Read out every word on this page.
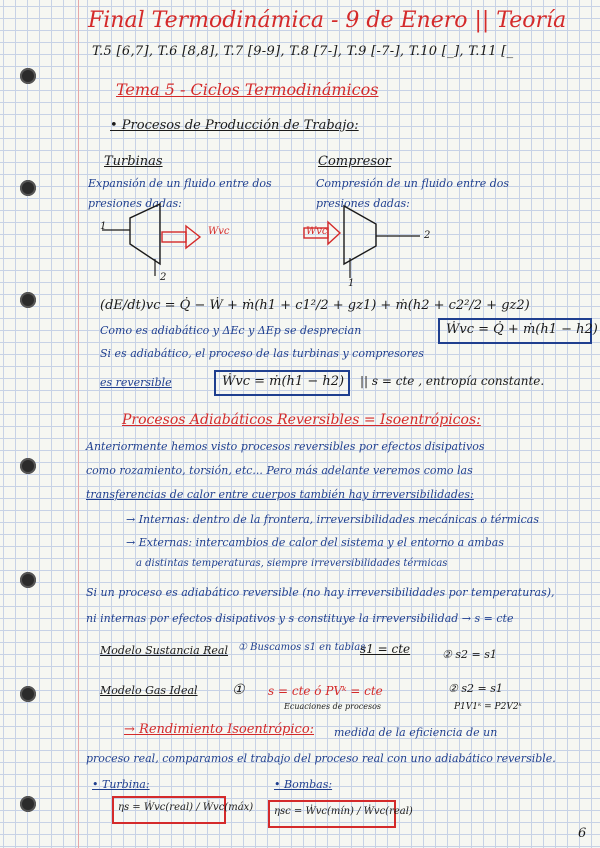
Final Termodinámica - 9 de Enero || Teoría
T.5 [6,7], T.6 [8,8], T.7 [9-9], T.8 [7-], T.9 [-7-], T.10 [_], T.11 [_
Tema 5 - Ciclos Termodinámicos
• Procesos de Producción de Trabajo:
Turbinas
Expansión de un fluido entre dos
presiones dadas:
1
2
Wvc
Compresor
Compresión de un fluido entre dos
presiones dadas:
Wvc	2
1
(dE/dt)vc = Q̇ − Ẇ + ṁ(h1 + c1²/2 + gz1) + ṁ(h2 + c2²/2 + gz2)
Como es adiabático y ΔEc y ΔEp se desprecian	Ẇvc = Q̇ + ṁ(h1 − h2)
Si es adiabático, el proceso de las turbinas y compresores
es reversible	Ẇvc = ṁ(h1 − h2) || s = cte , entropía constante.
Procesos Adiabáticos Reversibles = Isoentrópicos:
Anteriormente hemos visto procesos reversibles por efectos disipativos
como rozamiento, torsión, etc... Pero más adelante veremos como las
transferencias de calor entre cuerpos también hay irreversibilidades:
→ Internas: dentro de la frontera, irreversibilidades mecánicas o térmicas
→ Externas: intercambios de calor del sistema y el entorno a ambas
a distintas temperaturas, siempre irreversibilidades térmicas
Si un proceso es adiabático reversible (no hay irreversibilidades por temperaturas),
ni internas por efectos disipativos y s constituye la irreversibilidad → s = cte
Modelo Sustancia Real ① Buscamos s1 en tablas
s1 = cte	② s2 = s1
Modelo Gas Ideal ① s = cte ó PVᵏ = cte
Ecuaciones de procesos
② s2 = s1
P1V1ᵏ = P2V2ᵏ
→ Rendimiento Isoentrópico: medida de la eficiencia de un
proceso real, comparamos el trabajo del proceso real con uno adiabático reversible.
• Turbina:	• Bombas:
ηs = Ẇvc(real) / Ẇvc(máx) ηsc = Ẇvc(mín) / Ẇvc(real)
6
